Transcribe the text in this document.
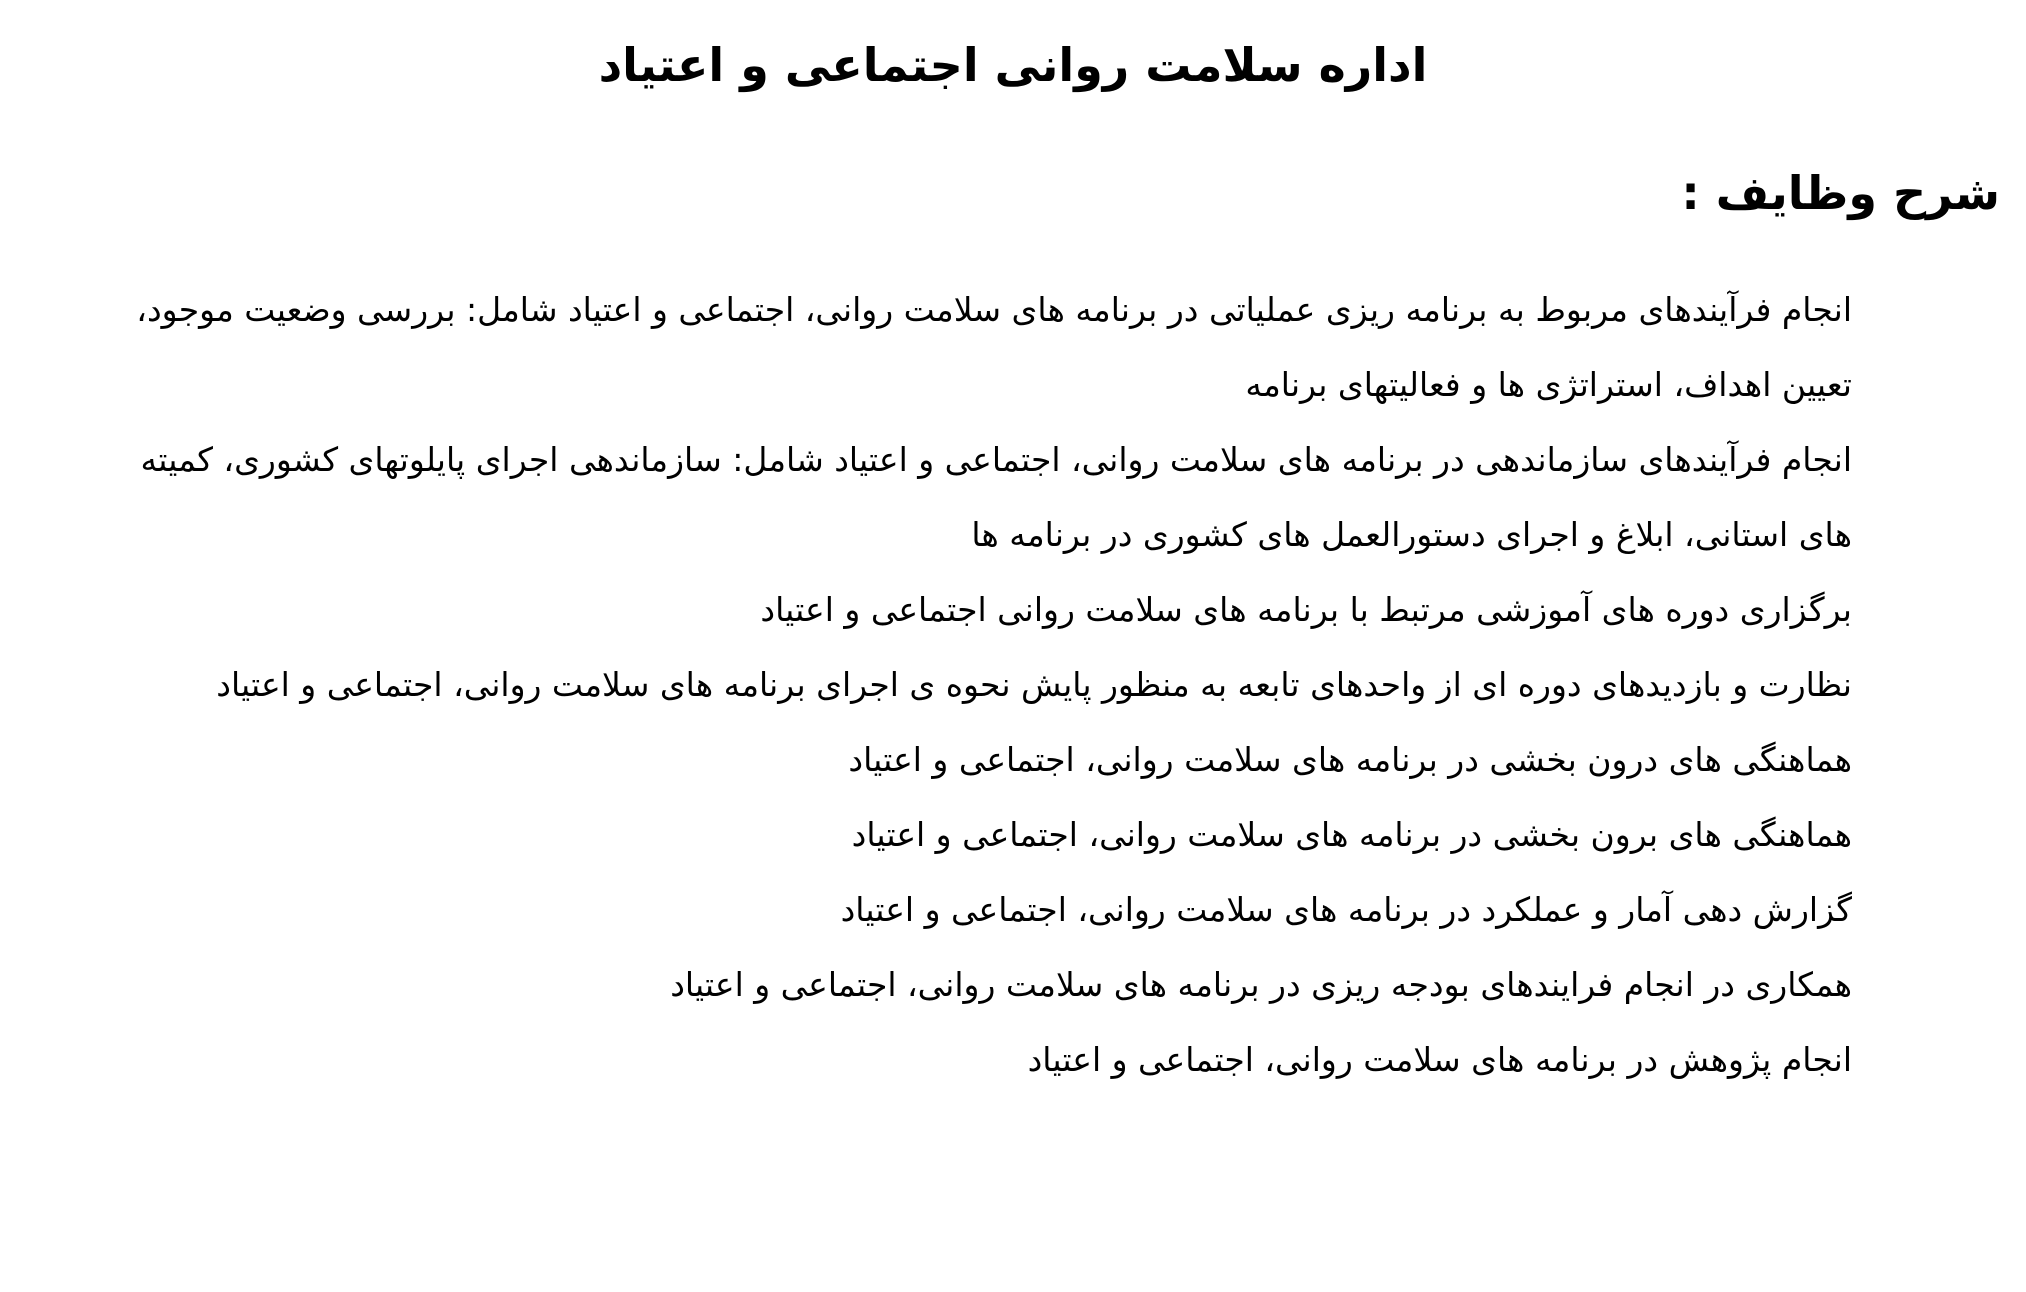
اداره سلامت روانی اجتماعی و اعتیاد
شرح وظایف :
انجام فرآیندهای مربوط به برنامه ریزی عملیاتی در برنامه های سلامت روانی، اجتماعی و اعتیاد شامل: بررسی وضعیت موجود، تعیین اهداف، استراتژی ها و فعالیتهای برنامه
انجام فرآیندهای سازماندهی در برنامه های سلامت روانی، اجتماعی و اعتیاد شامل: سازماندهی اجرای پایلوتهای کشوری، کمیته های استانی، ابلاغ و اجرای دستورالعمل های کشوری در برنامه ها
برگزاری دوره های آموزشی مرتبط با برنامه های سلامت روانی اجتماعی و اعتیاد
نظارت و بازدیدهای دوره ای از واحدهای تابعه به منظور پایش نحوه ی اجرای برنامه های سلامت روانی، اجتماعی و اعتیاد
هماهنگی های درون بخشی در برنامه های سلامت روانی، اجتماعی و اعتیاد
هماهنگی های برون بخشی در برنامه های سلامت روانی، اجتماعی و اعتیاد
گزارش دهی آمار و عملکرد در برنامه های سلامت روانی، اجتماعی و اعتیاد
همکاری در انجام فرایندهای بودجه ریزی در برنامه های سلامت روانی، اجتماعی و اعتیاد
انجام پژوهش در برنامه های سلامت روانی، اجتماعی و اعتیاد
